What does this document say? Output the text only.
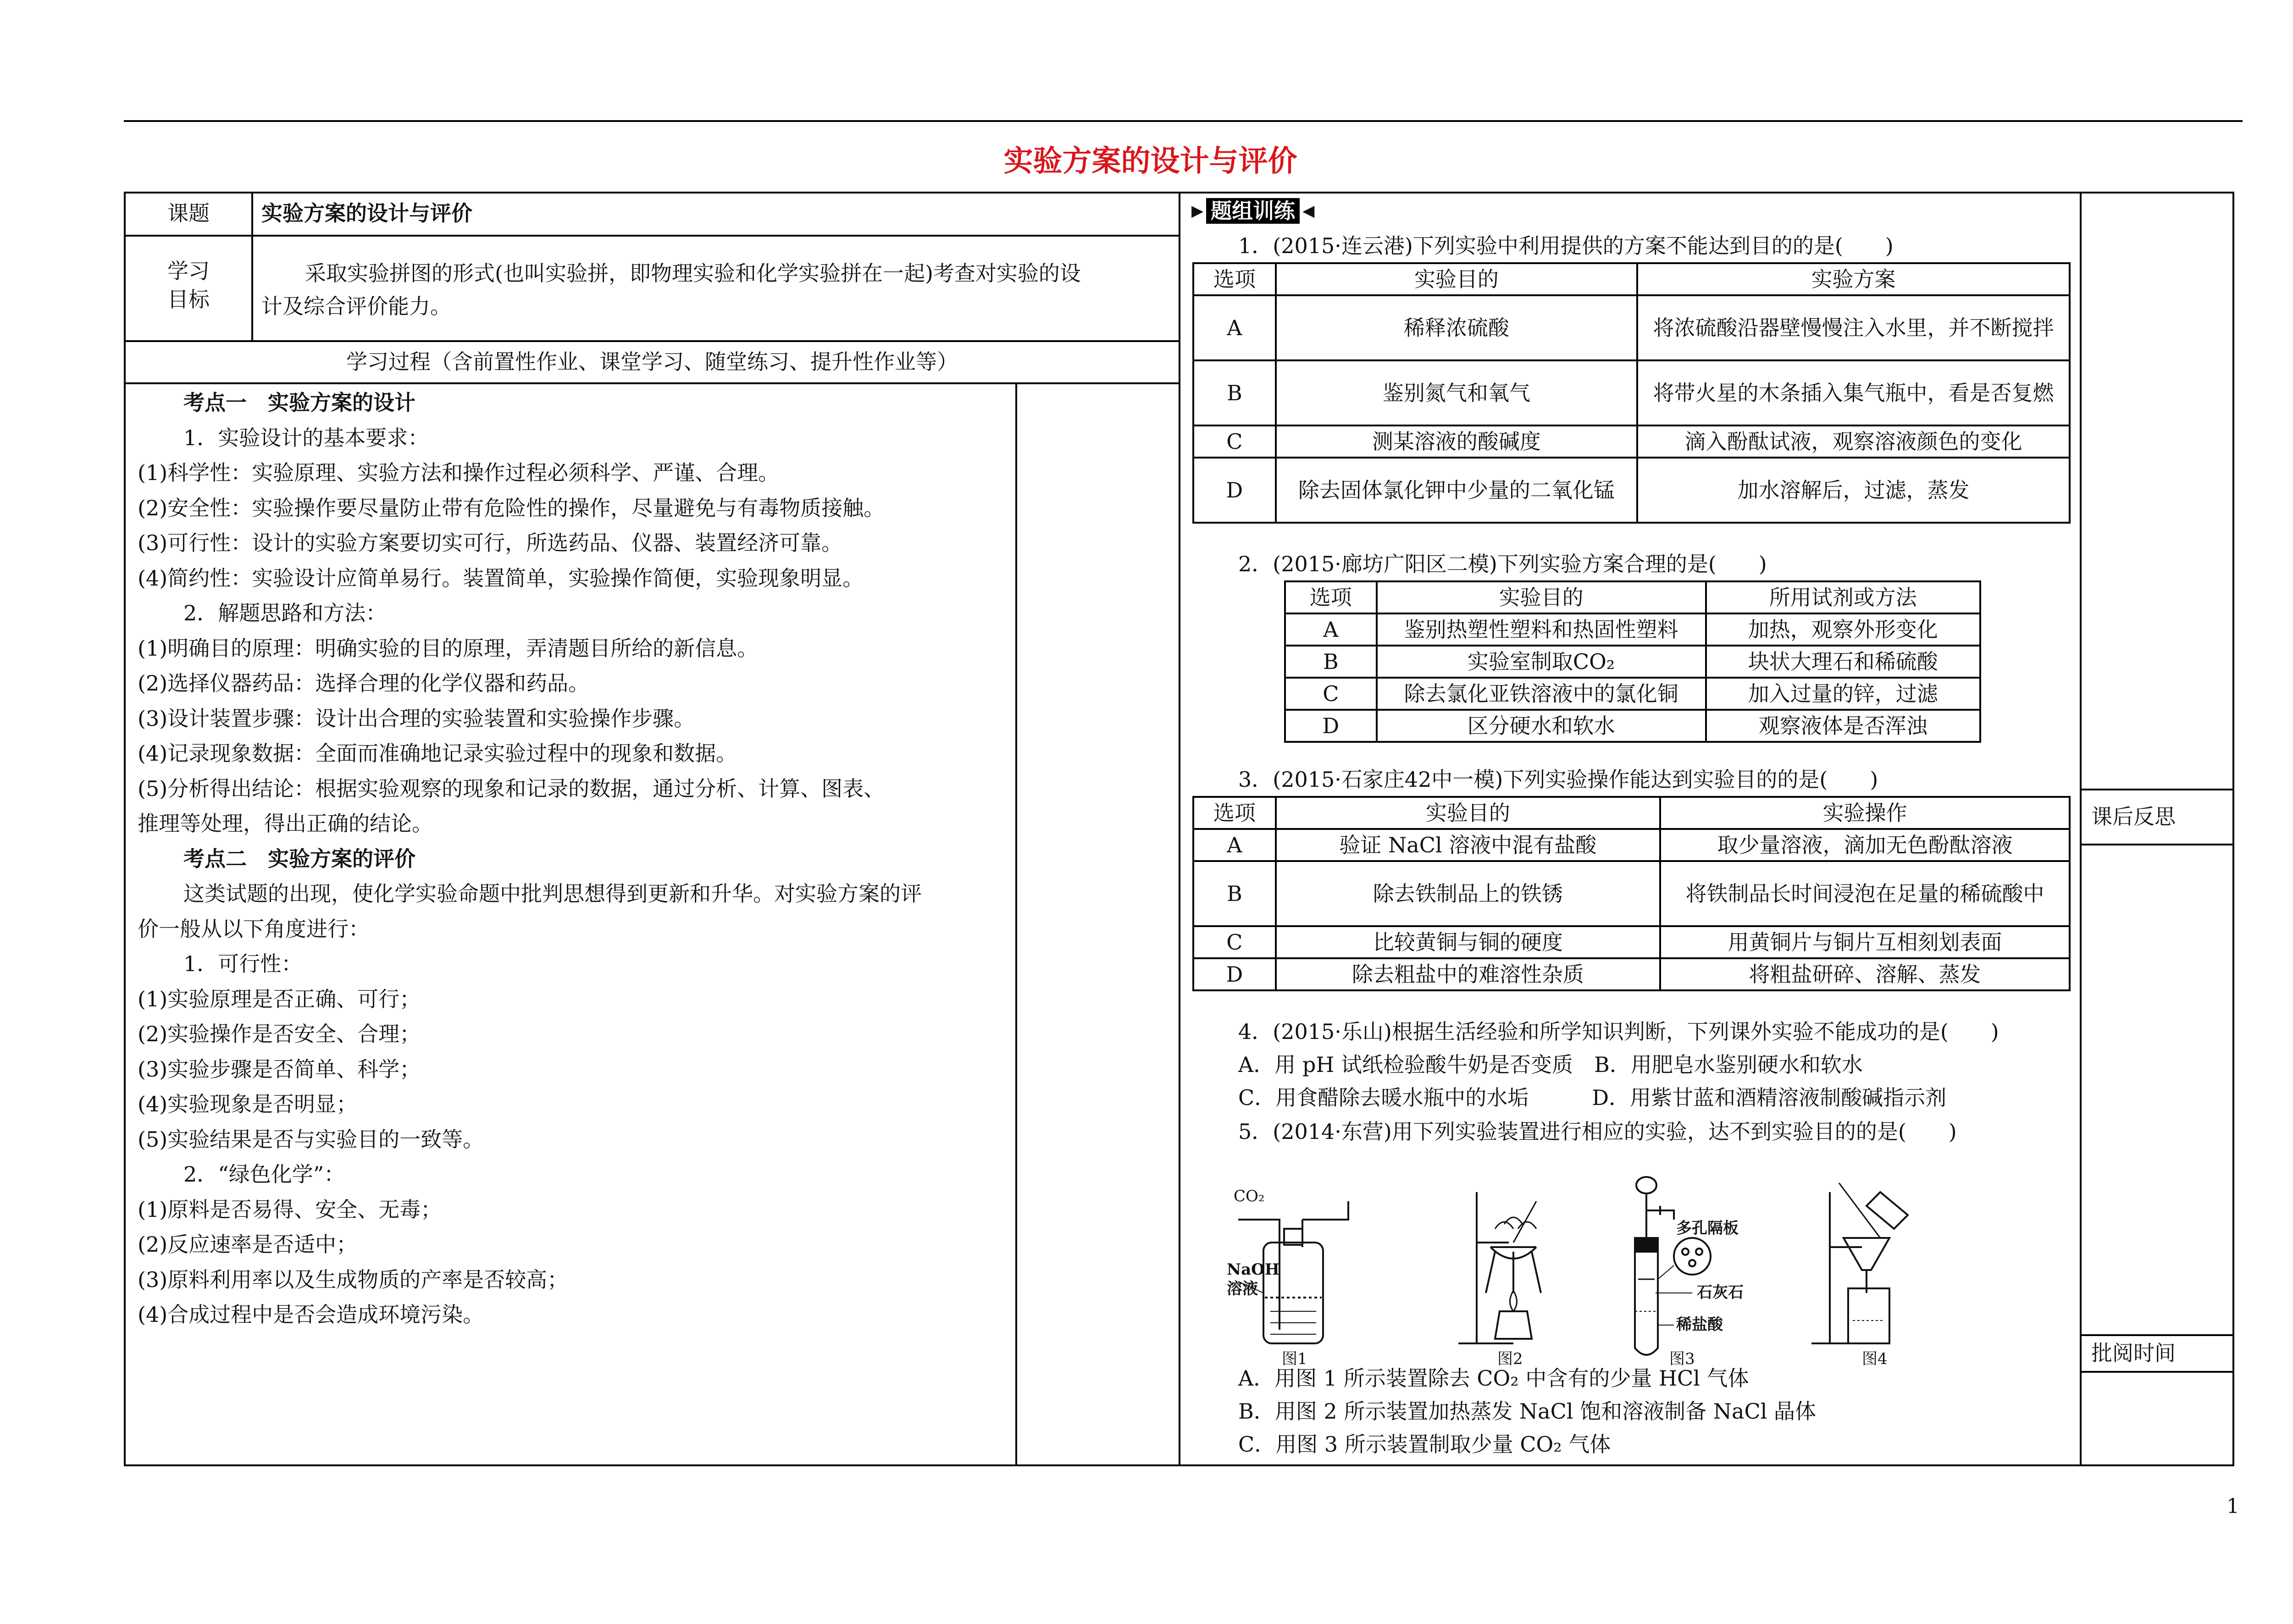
实验方案的设计与评价
课题	实验方案的设计与评价
学习
目标
采取实验拼图的形式(也叫实验拼，即物理实验和化学实验拼在一起)考查对实验的设
计及综合评价能力。
学习过程（含前置性作业、课堂学习、随堂练习、提升性作业等）

考点一　实验方案的设计

1．实验设计的基本要求：

(1)科学性：实验原理、实验方法和操作过程必须科学、严谨、合理。

(2)安全性：实验操作要尽量防止带有危险性的操作，尽量避免与有毒物质接触。

(3)可行性：设计的实验方案要切实可行，所选药品、仪器、装置经济可靠。

(4)简约性：实验设计应简单易行。装置简单，实验操作简便，实验现象明显。

2．解题思路和方法：

(1)明确目的原理：明确实验的目的原理，弄清题目所给的新信息。

(2)选择仪器药品：选择合理的化学仪器和药品。

(3)设计装置步骤：设计出合理的实验装置和实验操作步骤。

(4)记录现象数据：全面而准确地记录实验过程中的现象和数据。

(5)分析得出结论：根据实验观察的现象和记录的数据，通过分析、计算、图表、

推理等处理，得出正确的结论。

考点二　实验方案的评价

这类试题的出现，使化学实验命题中批判思想得到更新和升华。对实验方案的评

价一般从以下角度进行：

1．可行性：

(1)实验原理是否正确、可行；

(2)实验操作是否安全、合理；

(3)实验步骤是否简单、科学；

(4)实验现象是否明显；

(5)实验结果是否与实验目的一致等。

2．“绿色化学”：

(1)原料是否易得、安全、无毒；

(2)反应速率是否适中；

(3)原料利用率以及生成物质的产率是否较高；

(4)合成过程中是否会造成环境污染。

▶ 题组训练 ◀
1．(2015·连云港)下列实验中利用提供的方案不能达到目的的是(　　)
选项	实验目的	实验方案
A	稀释浓硫酸	将浓硫酸沿器壁慢慢注入水里，并不断搅拌
B	鉴别氮气和氧气	将带火星的木条插入集气瓶中，看是否复燃
C	测某溶液的酸碱度	滴入酚酞试液，观察溶液颜色的变化
D	除去固体氯化钾中少量的二氧化锰	加水溶解后，过滤，蒸发
2．(2015·廊坊广阳区二模)下列实验方案合理的是(　　)
选项	实验目的	所用试剂或方法
A	鉴别热塑性塑料和热固性塑料	加热，观察外形变化
B	实验室制取CO₂	块状大理石和稀硫酸
C	除去氯化亚铁溶液中的氯化铜	加入过量的锌，过滤
D	区分硬水和软水	观察液体是否浑浊
3．(2015·石家庄42中一模)下列实验操作能达到实验目的的是(　　)
选项	实验目的	实验操作
A	验证 NaCl 溶液中混有盐酸	取少量溶液，滴加无色酚酞溶液
B	除去铁制品上的铁锈	将铁制品长时间浸泡在足量的稀硫酸中
C	比较黄铜与铜的硬度	用黄铜片与铜片互相刻划表面
D	除去粗盐中的难溶性杂质	将粗盐研碎、溶解、蒸发
4．(2015·乐山)根据生活经验和所学知识判断，下列课外实验不能成功的是(　　)
A．用 pH 试纸检验酸牛奶是否变质　B．用肥皂水鉴别硬水和软水
C．用食醋除去暖水瓶中的水垢　　　D．用紫甘蓝和酒精溶液制酸碱指示剂
5．(2014·东营)用下列实验装置进行相应的实验，达不到实验目的的是(　　)
CO₂
NaOH
溶液
多孔隔板
石灰石
稀盐酸
图1	图2	图3	图4
A．用图 1 所示装置除去 CO₂ 中含有的少量 HCl 气体
B．用图 2 所示装置加热蒸发 NaCl 饱和溶液制备 NaCl 晶体
C．用图 3 所示装置制取少量 CO₂ 气体
课后反思
批阅时间
1
